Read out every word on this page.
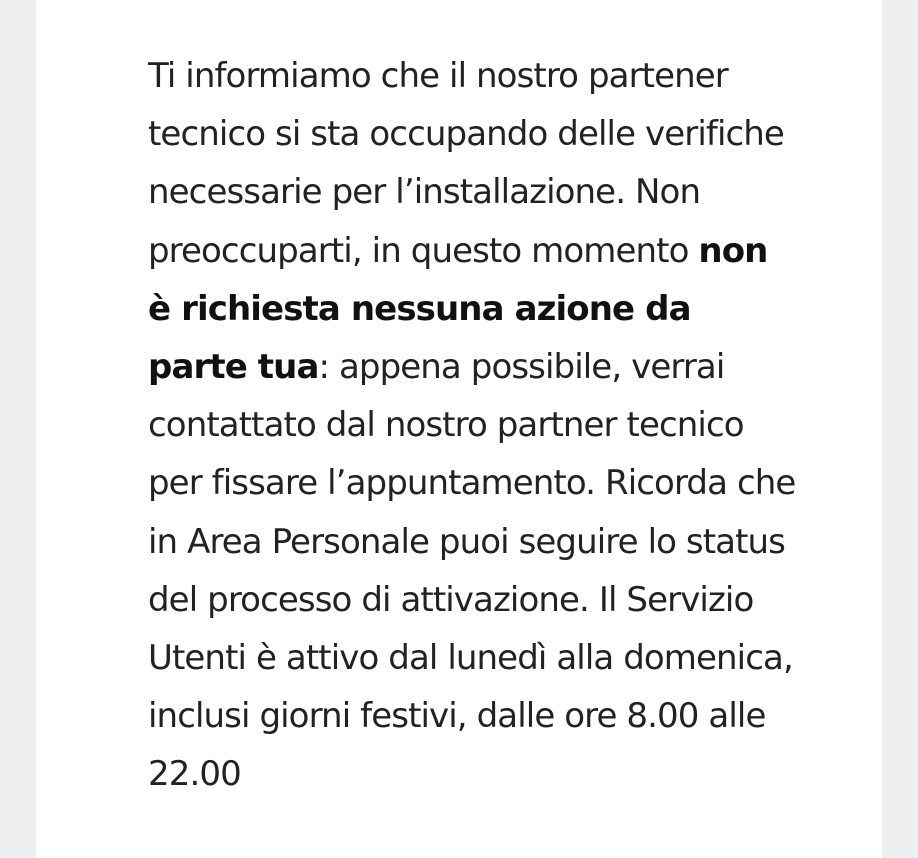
Ti informiamo che il nostro partener tecnico si sta occupando delle verifiche necessarie per l’installazione. Non preoccuparti, in questo momento non è richiesta nessuna azione da parte tua: appena possibile, verrai contattato dal nostro partner tecnico per fissare l’appuntamento. Ricorda che in Area Personale puoi seguire lo status del processo di attivazione. Il Servizio Utenti è attivo dal lunedì alla domenica, inclusi giorni festivi, dalle ore 8.00 alle 22.00
